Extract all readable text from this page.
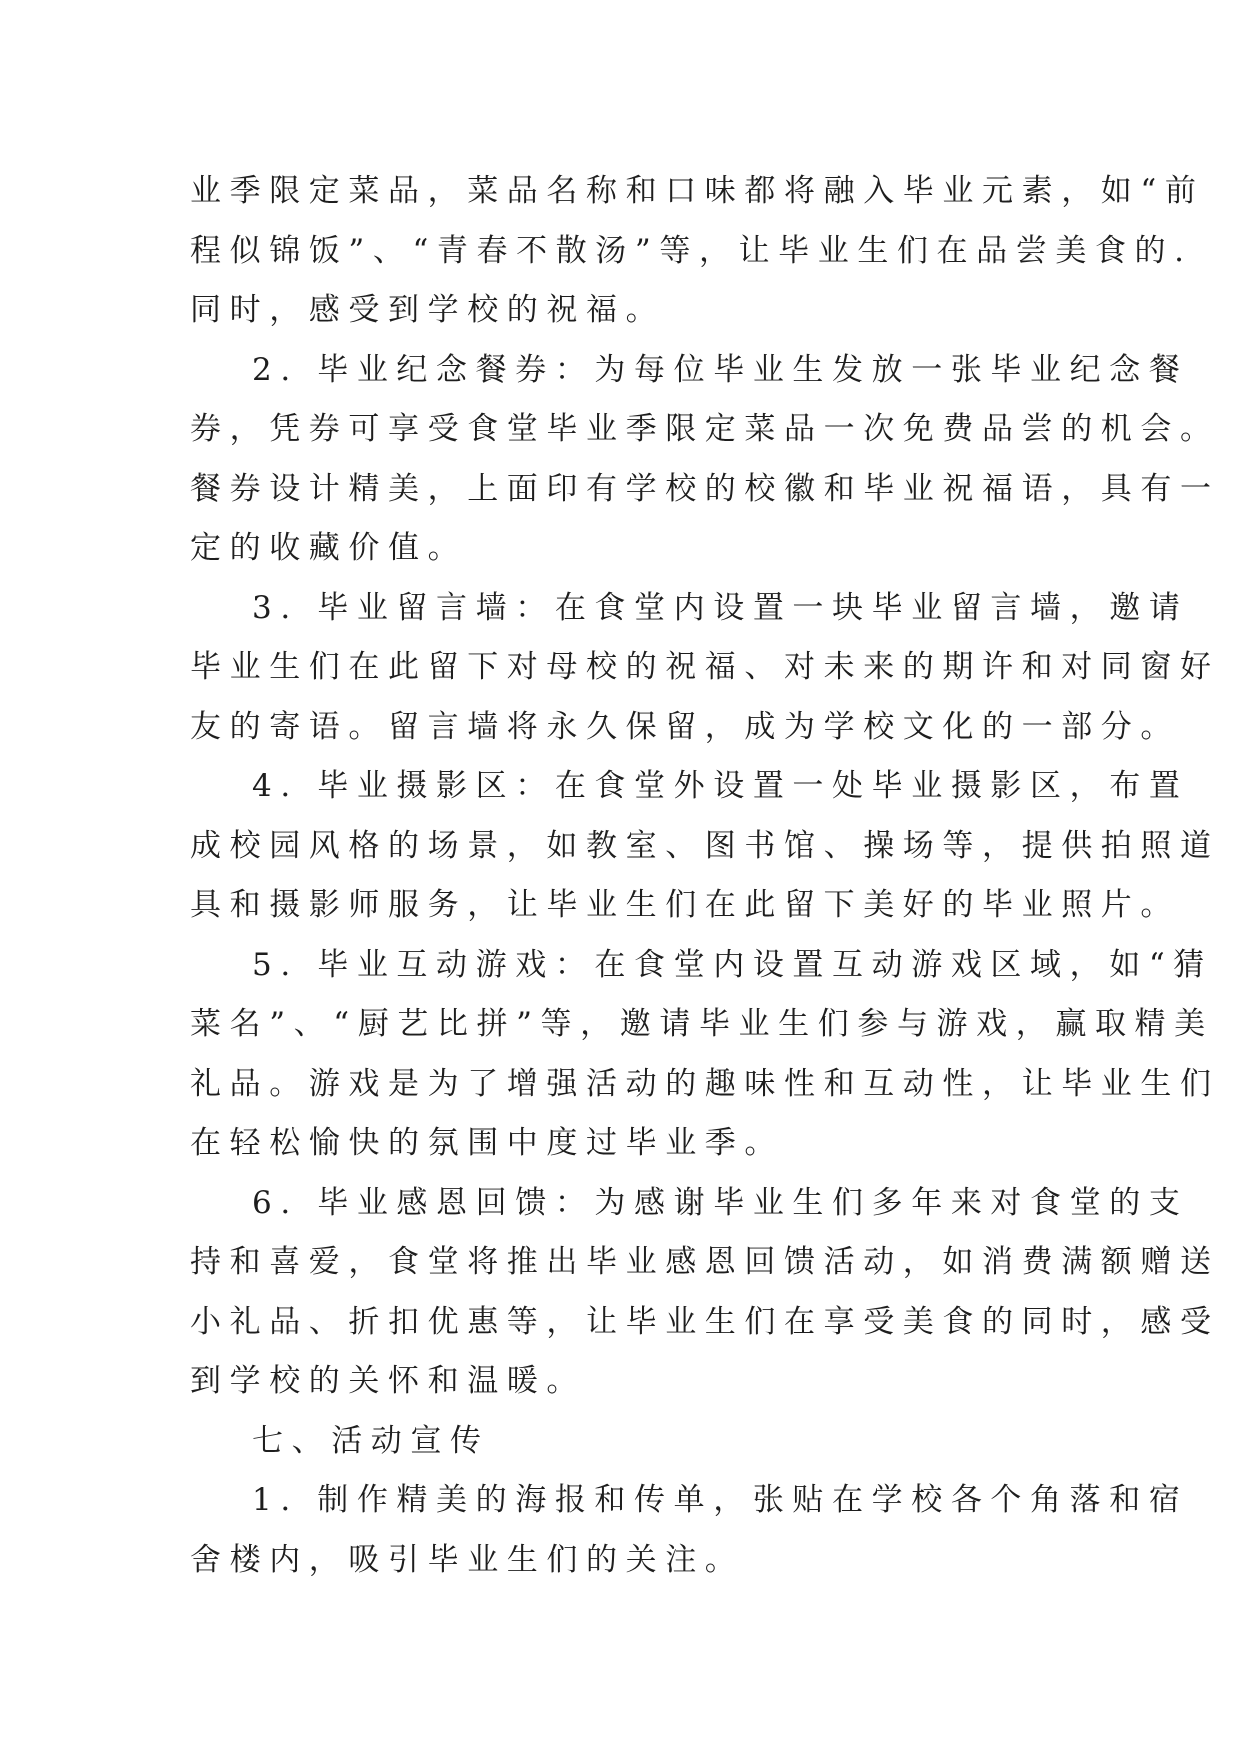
业季限定菜品，菜品名称和口味都将融入毕业元素，如“前
程似锦饭”、“青春不散汤”等，让毕业生们在品尝美食的.
同时，感受到学校的祝福。

2. 毕业纪念餐券：为每位毕业生发放一张毕业纪念餐
券，凭券可享受食堂毕业季限定菜品一次免费品尝的机会。
餐券设计精美，上面印有学校的校徽和毕业祝福语，具有一
定的收藏价值。

3. 毕业留言墙：在食堂内设置一块毕业留言墙，邀请
毕业生们在此留下对母校的祝福、对未来的期许和对同窗好
友的寄语。留言墙将永久保留，成为学校文化的一部分。

4. 毕业摄影区：在食堂外设置一处毕业摄影区，布置
成校园风格的场景，如教室、图书馆、操场等，提供拍照道
具和摄影师服务，让毕业生们在此留下美好的毕业照片。

5. 毕业互动游戏：在食堂内设置互动游戏区域，如“猜
菜名”、“厨艺比拼”等，邀请毕业生们参与游戏，赢取精美
礼品。游戏是为了增强活动的趣味性和互动性，让毕业生们
在轻松愉快的氛围中度过毕业季。

6. 毕业感恩回馈：为感谢毕业生们多年来对食堂的支
持和喜爱，食堂将推出毕业感恩回馈活动，如消费满额赠送
小礼品、折扣优惠等，让毕业生们在享受美食的同时，感受
到学校的关怀和温暖。

七、活动宣传

1. 制作精美的海报和传单，张贴在学校各个角落和宿
舍楼内，吸引毕业生们的关注。
